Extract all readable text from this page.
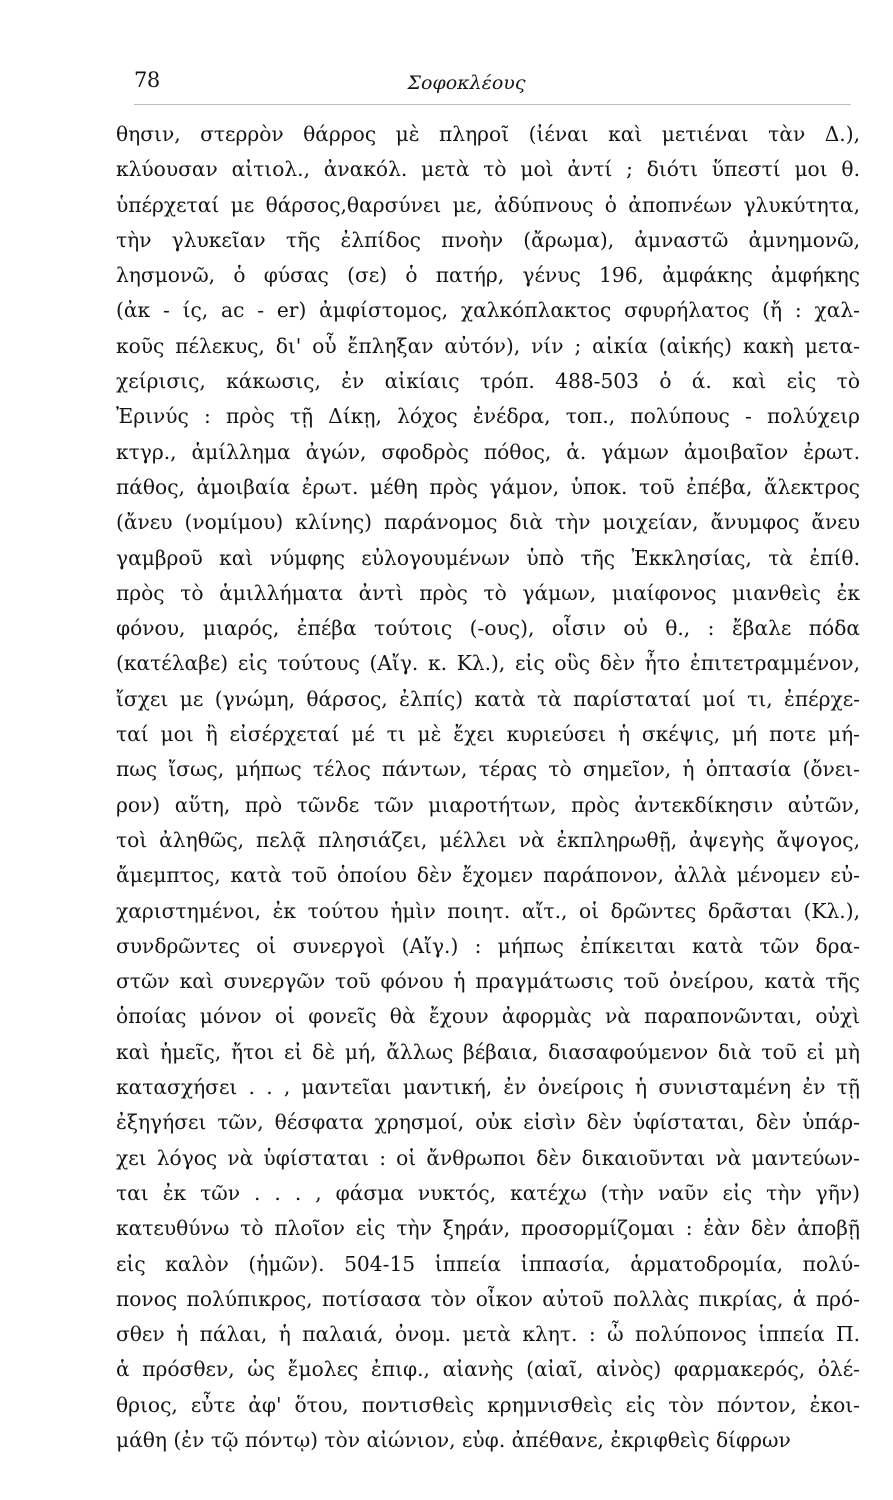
78	Σοφοκλέους
θησιν, στερρὸν θάρρος μὲ πληροῖ (ἰέναι καὶ μετιέναι τὰν Δ.),
κλύουσαν αἰτιολ., ἀνακόλ. μετὰ τὸ μοὶ ἀντί ; διότι ὕπεστί μοι θ.
ὑπέρχεταί με θάρσος,θαρσύνει με, ἀδύπνους ὁ ἀποπνέων γλυκύτητα,
τὴν γλυκεῖαν τῆς ἐλπίδος πνοὴν (ἄρωμα), ἀμναστῶ ἀμνημονῶ,
λησμονῶ, ὁ φύσας (σε) ὁ πατήρ, γένυς 196, ἀμφάκης ἀμφήκης
(ἀκ - ίς, ac - er) ἀμφίστομος, χαλκόπλακτος σφυρήλατος (ἤ : χαλ-
κοῦς πέλεκυς, δι' οὗ ἔπληξαν αὐτόν), νίν ; αἰκία (αἰκής) κακὴ μετα-
χείρισις, κάκωσις, ἐν αἰκίαις τρόπ. 488-503 ὁ ά. καὶ εἰς τὸ
Ἐρινύς : πρὸς τῇ Δίκῃ, λόχος ἐνέδρα, τοπ., πολύπους - πολύχειρ
κτγρ., ἁμίλλημα ἀγών, σφοδρὸς πόθος, ἁ. γάμων ἀμοιβαῖον ἐρωτ.
πάθος, ἀμοιβαία ἐρωτ. μέθη πρὸς γάμον, ὑποκ. τοῦ ἐπέβα, ἄλεκτρος
(ἄνευ (νομίμου) κλίνης) παράνομος διὰ τὴν μοιχείαν, ἄνυμφος ἄνευ
γαμβροῦ καὶ νύμφης εὐλογουμένων ὑπὸ τῆς Ἐκκλησίας, τὰ ἐπίθ.
πρὸς τὸ ἁμιλλήματα ἀντὶ πρὸς τὸ γάμων, μιαίφονος μιανθεὶς ἐκ
φόνου, μιαρός, ἐπέβα τούτοις (-ους), οἷσιν οὐ θ., : ἔβαλε πόδα
(κατέλαβε) εἰς τούτους (Αἴγ. κ. Κλ.), εἰς οὓς δὲν ἦτο ἐπιτετραμμένον,
ἴσχει με (γνώμη, θάρσος, ἐλπίς) κατὰ τὰ παρίσταταί μοί τι, ἐπέρχε-
ταί μοι ἢ εἰσέρχεταί μέ τι μὲ ἔχει κυριεύσει ἡ σκέψις, μή ποτε μή-
πως ἴσως, μήπως τέλος πάντων, τέρας τὸ σημεῖον, ἡ ὀπτασία (ὄνει-
ρον) αὕτη, πρὸ τῶνδε τῶν μιαροτήτων, πρὸς ἀντεκδίκησιν αὐτῶν,
τοὶ ἀληθῶς, πελᾷ πλησιάζει, μέλλει νὰ ἐκπληρωθῇ, ἀψεγὴς ἄψογος,
ἄμεμπτος, κατὰ τοῦ ὁποίου δὲν ἔχομεν παράπονον, ἀλλὰ μένομεν εὐ-
χαριστημένοι, ἐκ τούτου ἡμὶν ποιητ. αἴτ., οἱ δρῶντες δρᾶσται (Κλ.),
συνδρῶντες οἱ συνεργοὶ (Αἴγ.) : μήπως ἐπίκειται κατὰ τῶν δρα-
στῶν καὶ συνεργῶν τοῦ φόνου ἡ πραγμάτωσις τοῦ ὀνείρου, κατὰ τῆς
ὁποίας μόνον οἱ φονεῖς θὰ ἔχουν ἀφορμὰς νὰ παραπονῶνται, οὐχὶ
καὶ ἡμεῖς, ἤτοι εἰ δὲ μή, ἄλλως βέβαια, διασαφούμενον διὰ τοῦ εἰ μὴ
κατασχήσει . . , μαντεῖαι μαντική, ἐν ὀνείροις ἡ συνισταμένη ἐν τῇ
ἐξηγήσει τῶν, θέσφατα χρησμοί, οὐκ εἰσὶν δὲν ὑφίσταται, δὲν ὑπάρ-
χει λόγος νὰ ὑφίσταται : οἱ ἄνθρωποι δὲν δικαιοῦνται νὰ μαντεύων-
ται ἐκ τῶν . . . , φάσμα νυκτός, κατέχω (τὴν ναῦν εἰς τὴν γῆν)
κατευθύνω τὸ πλοῖον εἰς τὴν ξηράν, προσορμίζομαι : ἐὰν δὲν ἀποβῇ
εἰς καλὸν (ἡμῶν). 504-15 ἱππεία ἱππασία, ἁρματοδρομία, πολύ-
πονος πολύπικρος, ποτίσασα τὸν οἶκον αὐτοῦ πολλὰς πικρίας, ἁ πρό-
σθεν ἡ πάλαι, ἡ παλαιά, ὀνομ. μετὰ κλητ. : ὦ πολύπονος ἱππεία Π.
ἁ πρόσθεν, ὡς ἔμολες ἐπιφ., αἰανὴς (αἰαῖ, αἰνὸς) φαρμακερός, ὀλέ-
θριος, εὖτε ἀφ' ὅτου, ποντισθεὶς κρημνισθεὶς εἰς τὸν πόντον, ἐκοι-
μάθη (ἐν τῷ πόντῳ) τὸν αἰώνιον, εὐφ. ἀπέθανε, ἐκριφθεὶς δίφρων
